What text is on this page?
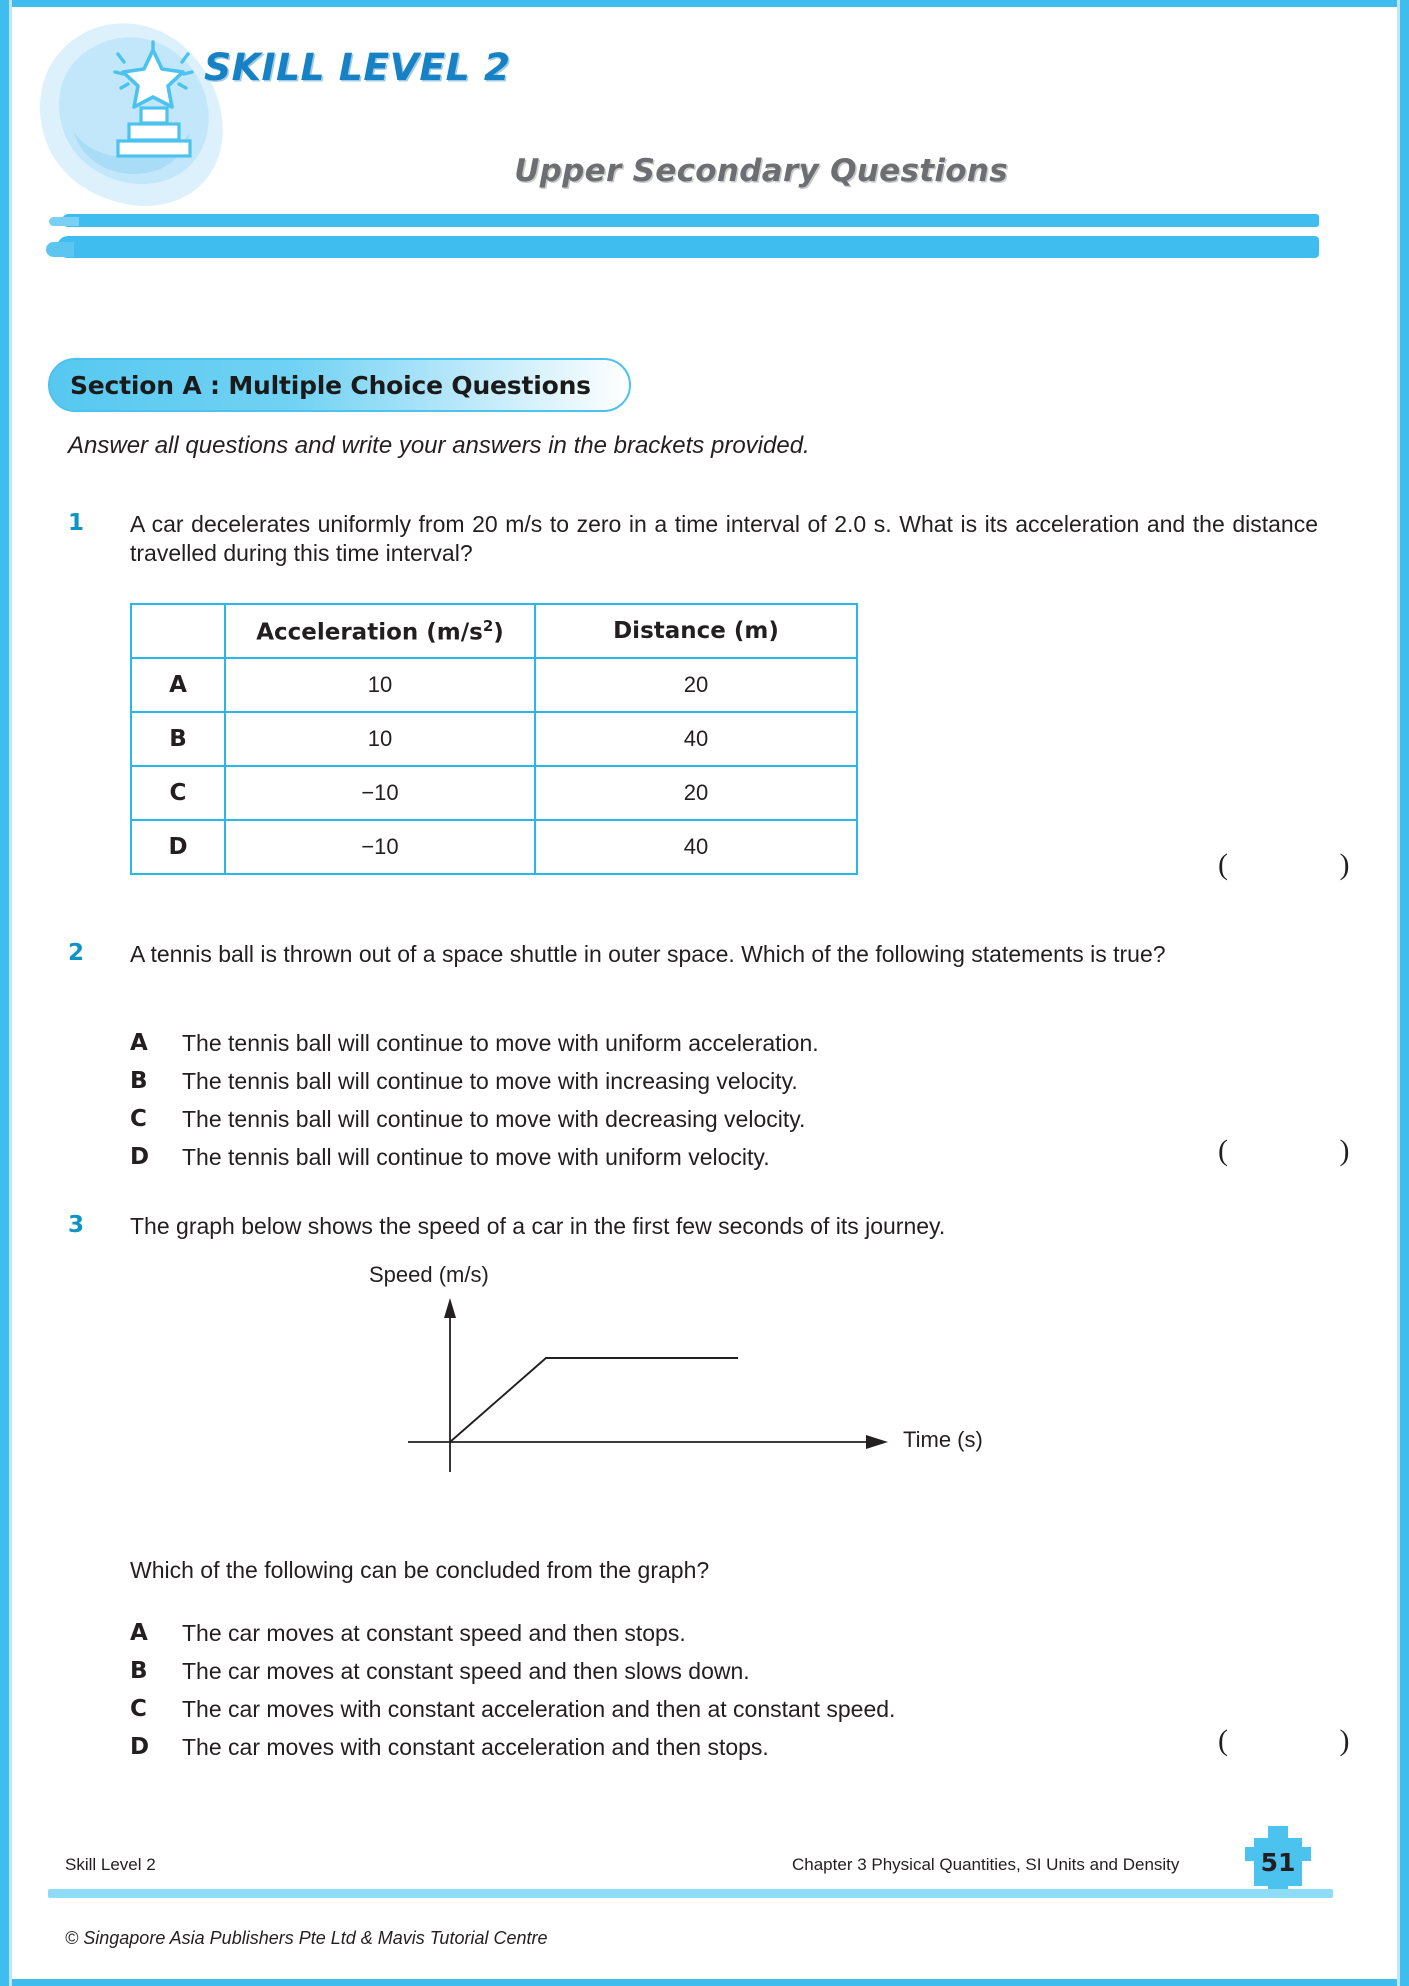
SKILL LEVEL 2
Upper Secondary Questions
Section A : Multiple Choice Questions
Answer all questions and write your answers in the brackets provided.
1	A car decelerates uniformly from 20 m/s to zero in a time interval of 2.0 s. What is its acceleration and the distance travelled during this time interval?
	Acceleration $(m/s^2)$	Distance (m)
A	10	20
B	10	40
C	−10	20
D	−10	40
( )
2	A tennis ball is thrown out of a space shuttle in outer space. Which of the following statements is true?
A	The tennis ball will continue to move with uniform acceleration.
B	The tennis ball will continue to move with increasing velocity.
C	The tennis ball will continue to move with decreasing velocity.
D	The tennis ball will continue to move with uniform velocity.	( )
3	The graph below shows the speed of a car in the first few seconds of its journey.
Speed (m/s)
Time (s)
Which of the following can be concluded from the graph?
A	The car moves at constant speed and then stops.
B	The car moves at constant speed and then slows down.
C	The car moves with constant acceleration and then at constant speed.
D	The car moves with constant acceleration and then stops.	( )
Skill Level 2	Chapter 3 Physical Quantities, SI Units and Density	51
© Singapore Asia Publishers Pte Ltd & Mavis Tutorial Centre
